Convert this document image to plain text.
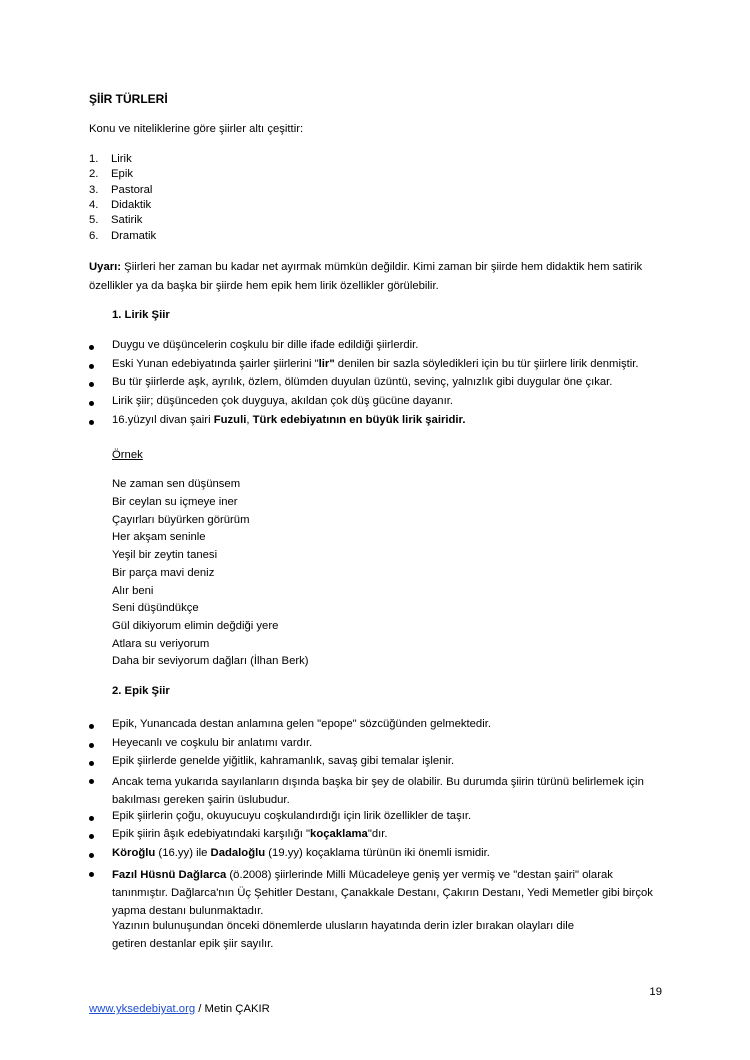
ŞİİR TÜRLERİ
Konu ve niteliklerine göre şiirler altı çeşittir:
1. Lirik
2. Epik
3. Pastoral
4. Didaktik
5. Satirik
6. Dramatik
Uyarı: Şiirleri her zaman bu kadar net ayırmak mümkün değildir. Kimi zaman bir şiirde hem didaktik hem satirik özellikler ya da başka bir şiirde hem epik hem lirik özellikler görülebilir.
1. Lirik Şiir
Duygu ve düşüncelerin coşkulu bir dille ifade edildiği şiirlerdir.
Eski Yunan edebiyatında şairler şiirlerini "lir" denilen bir sazla söyledikleri için bu tür şiirlere lirik denmiştir.
Bu tür şiirlerde aşk, ayrılık, özlem, ölümden duyulan üzüntü, sevinç, yalnızlık gibi duygular öne çıkar.
Lirik şiir; düşünceden çok duyguya, akıldan çok düş gücüne dayanır.
16.yüzyıl divan şairi Fuzuli, Türk edebiyatının en büyük lirik şairidir.
Örnek
Ne zaman sen düşünsem
Bir ceylan su içmeye iner
Çayırları büyürken görürüm
Her akşam seninle
Yeşil bir zeytin tanesi
Bir parça mavi deniz
Alır beni
Seni düşündükçe
Gül dikiyorum elimin değdiği yere
Atlara su veriyorum
Daha bir seviyorum dağları (İlhan Berk)
2. Epik Şiir
Epik, Yunancada destan anlamına gelen "epope" sözcüğünden gelmektedir.
Heyecanlı ve coşkulu bir anlatımı vardır.
Epik şiirlerde genelde yiğitlik, kahramanlık, savaş gibi temalar işlenir.
Ancak tema yukarıda sayılanların dışında başka bir şey de olabilir. Bu durumda şiirin türünü belirlemek için bakılması gereken şairin üslubudur.
Epik şiirlerin çoğu, okuyucuyu coşkulandırdığı için lirik özellikler de taşır.
Epik şiirin âşık edebiyatındaki karşılığı "koçaklama"dır.
Köroğlu (16.yy) ile Dadaloğlu (19.yy) koçaklama türünün iki önemli ismidir.
Fazıl Hüsnü Dağlarca (ö.2008) şiirlerinde Milli Mücadeleye geniş yer vermiş ve "destan şairi" olarak tanınmıştır. Dağlarca'nın Üç Şehitler Destanı, Çanakkale Destanı, Çakırın Destanı, Yedi Memetler gibi birçok yapma destanı bulunmaktadır.
Yazının bulunuşundan önceki dönemlerde ulusların hayatında derin izler bırakan olayları dile
getiren destanlar epik şiir sayılır.
19
www.yksedebiyat.org / Metin ÇAKIR
